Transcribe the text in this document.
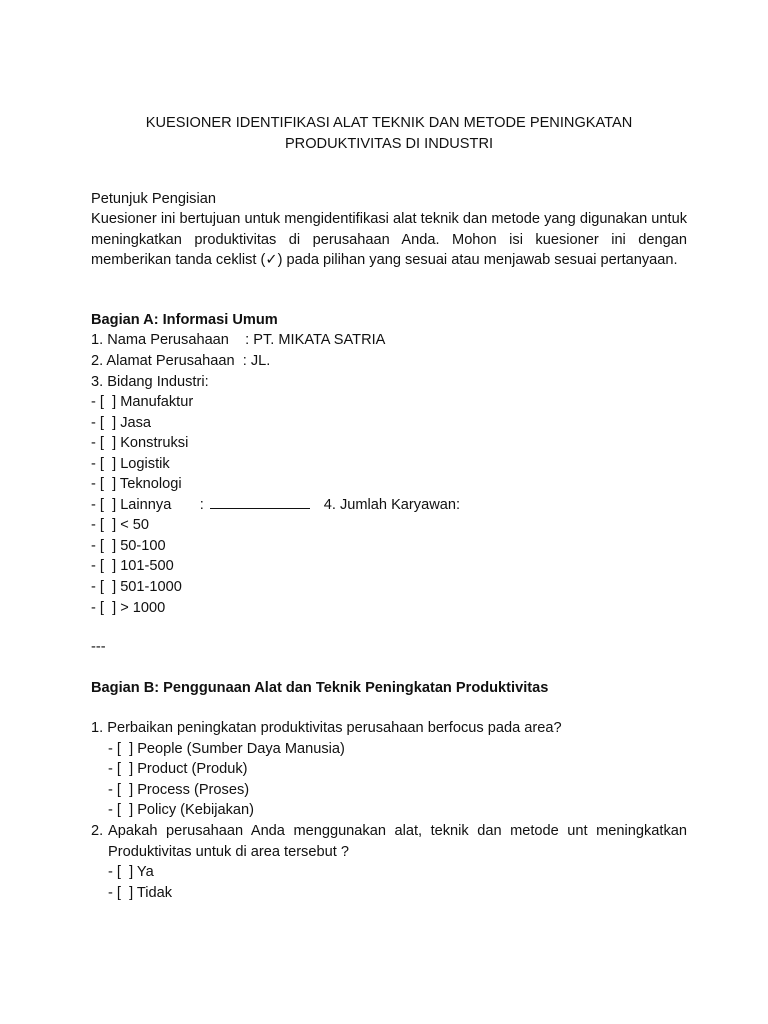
KUESIONER IDENTIFIKASI ALAT TEKNIK DAN METODE PENINGKATAN
PRODUKTIVITAS DI INDUSTRI
Petunjuk Pengisian
Kuesioner ini bertujuan untuk mengidentifikasi alat teknik dan metode yang digunakan untuk meningkatkan produktivitas di perusahaan Anda. Mohon isi kuesioner ini dengan memberikan tanda ceklist (✓) pada pilihan yang sesuai atau menjawab sesuai pertanyaan.
Bagian A: Informasi Umum
1. Nama Perusahaan    : PT. MIKATA SATRIA
2. Alamat Perusahaan  : JL.
3. Bidang Industri:
- [  ] Manufaktur
- [  ] Jasa
- [  ] Konstruksi
- [  ] Logistik
- [  ] Teknologi
- [  ] Lainnya       :	4. Jumlah Karyawan:
- [  ] < 50
- [  ] 50-100
- [  ] 101-500
- [  ] 501-1000
- [  ] > 1000
---
Bagian B: Penggunaan Alat dan Teknik Peningkatan Produktivitas
1. Perbaikan peningkatan produktivitas perusahaan berfocus pada area?
- [  ] People (Sumber Daya Manusia)
- [  ] Product (Produk)
- [  ] Process (Proses)
- [  ] Policy (Kebijakan)
2. Apakah perusahaan Anda menggunakan alat, teknik dan metode unt meningkatkan Produktivitas untuk di area tersebut ?
- [  ] Ya
- [  ] Tidak
